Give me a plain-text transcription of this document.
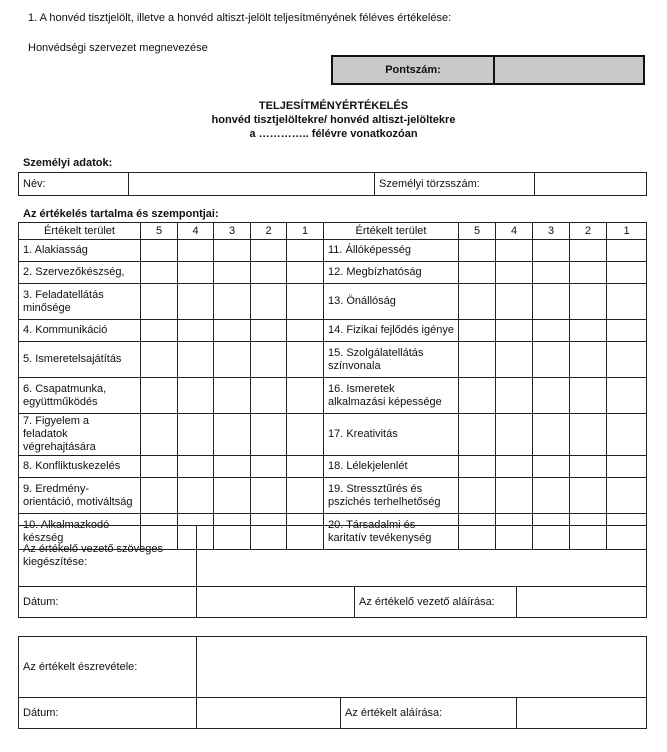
1. A honvéd tisztjelölt, illetve a honvéd altiszt-jelölt teljesítményének féléves értékelése:
Honvédségi szervezet megnevezése
Pontszám:
TELJESÍTMÉNYÉRTÉKELÉS
honvéd tisztjelöltekre/ honvéd altiszt-jelöltekre
a ………….. félévre vonatkozóan
Személyi adatok:
Név:		Személyi törzsszám:	
Az értékelés tartalma és szempontjai:
Értékelt terület	5	4	3	2	1	Értékelt terület	5	4	3	2	1
1. Alakiasság						11. Állóképesség					
2. Szervezőkészség,						12. Megbízhatóság					
3. Feladatellátás minősége						13. Önállóság					
4. Kommunikáció						14. Fizikai fejlődés igénye					
5. Ismeretelsajátítás						15. Szolgálatellátás színvonala					
6. Csapatmunka, együttműködés						16. Ismeretek alkalmazási képessége					
7. Figyelem a feladatok végrehajtására						17. Kreativitás					
8. Konfliktuskezelés						18. Lélekjelenlét					
9. Eredmény-orientáció, motiváltság						19. Stressztűrés és pszichés terhelhetőség					
10. Alkalmazkodó készség						20. Társadalmi és karitatív tevékenység					
Az értékelő vezető szöveges kiegészítése:			
Dátum:		Az értékelő vezető aláírása:	
Az értékelt észrevétele:			
Dátum:		Az értékelt aláírása:	
